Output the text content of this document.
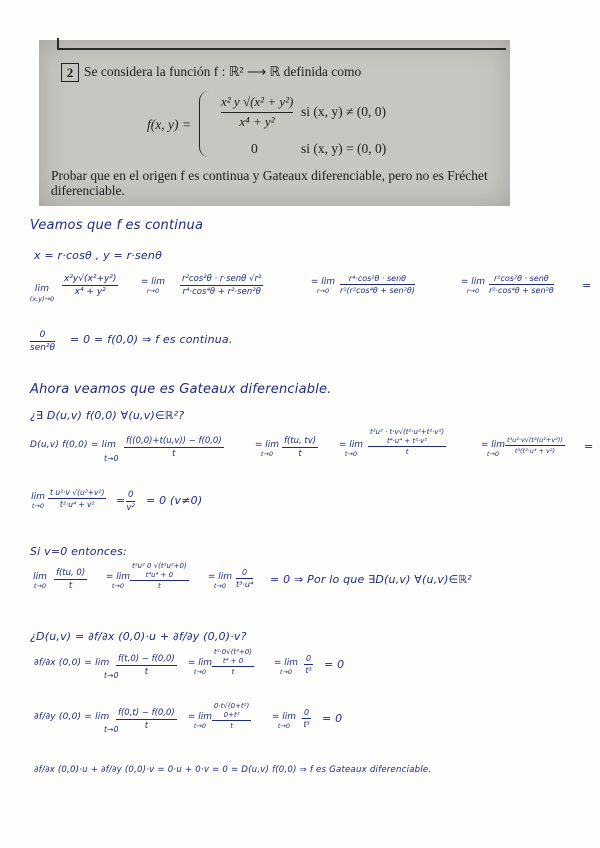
2 Se considera la función f : ℝ² ⟶ ℝ definida como
f(x, $y) = \frac{\text{x² y √(x² + y²)}}{\text{x⁴ + y²}}$ si (x, y) ≠ (0, 0)
0	si (x, y) = (0, 0)
Probar que en el origen f es continua y Gateaux diferenciable, pero no es Fréchet diferenciable.
Veamos que f es continua
x = r·cosθ , y = r·senθ
lim
(x,y)→0
$\frac{\text{x²y√(x²+y²)}}{\text{x⁴ + y²}}$	= lim
r→0
r²cos²θ · r·senθ √r²
r⁴·cos⁴θ + r²·sen²θ
= lim
r→0
r⁴·cos²θ · senθ
r²(r²cos⁴θ + sen²θ)
= lim
r→0
r²cos²θ · senθ
r²·cos⁴θ + sen²θ	=
0
sen²θ
= 0 = f(0,0) ⇒ f es continua.
Ahora veamos que es Gateaux diferenciable.
¿∃ D(u,v) f(0,0) ∀(u,v)∈ℝ²?
D(u,v) f(0,0) = lim
$t\to 0 \frac{f((0,0)+t(u,v)) - f(0,0)}{t}$	= lim
t→0	$\frac{f(tu, tv)}{t}$	= lim
t→0
t²u² · t·v√(t²·u²+t²·v²)
t⁴·u⁴ + t²·v²
t
= lim
$t\to 0 \frac{\text{t³u²·v√(t²(u²+v²))}}{\text{t³(t²·u⁴ + v²)}}$ =
lim
$t\to 0 \frac{\text{t u²·v √(u²+v²)}}{\text{t²·u⁴ + v²}} = \frac{0}{\text{v²}} = 0$ (v≠0)
Si v=0 entonces:
lim
$t\to 0 \frac{f(tu, 0)}{t} = \lim$
t→0
t²u² 0 √(t²u²+0)
t⁴u⁴ + 0
t
= lim
t→0	$\frac{0}{\text{t³·u⁴}} = 0$ ⇒ Por lo que ∃D(u,v) ∀(u,v)∈ℝ²
¿D(u,v) = ∂f/∂x (0,0)·u + ∂f/∂y (0,0)·v?
∂f/∂x (0,0) = lim
t→0
$\frac{f(t,0) - f(0,0)}{t} = \lim$
t→0
t²·0√(t²+0)
t⁴ + 0
t
= lim
t→0	$\frac{0}{\text{t³}} = 0$
∂f/∂y (0,0) = lim
t→0
$\frac{f(0,t) - f(0,0)}{t} = \lim$
t→0
0·t√(0+t²)
0+t²
t
= lim
t→0	$\frac{0}{\text{t³}} = 0$
∂f/∂x (0,0)·u + ∂f/∂y (0,0)·v = 0·u + 0·v = 0 = D(u,v) f(0,0) ⇒ f es Gateaux diferenciable.
